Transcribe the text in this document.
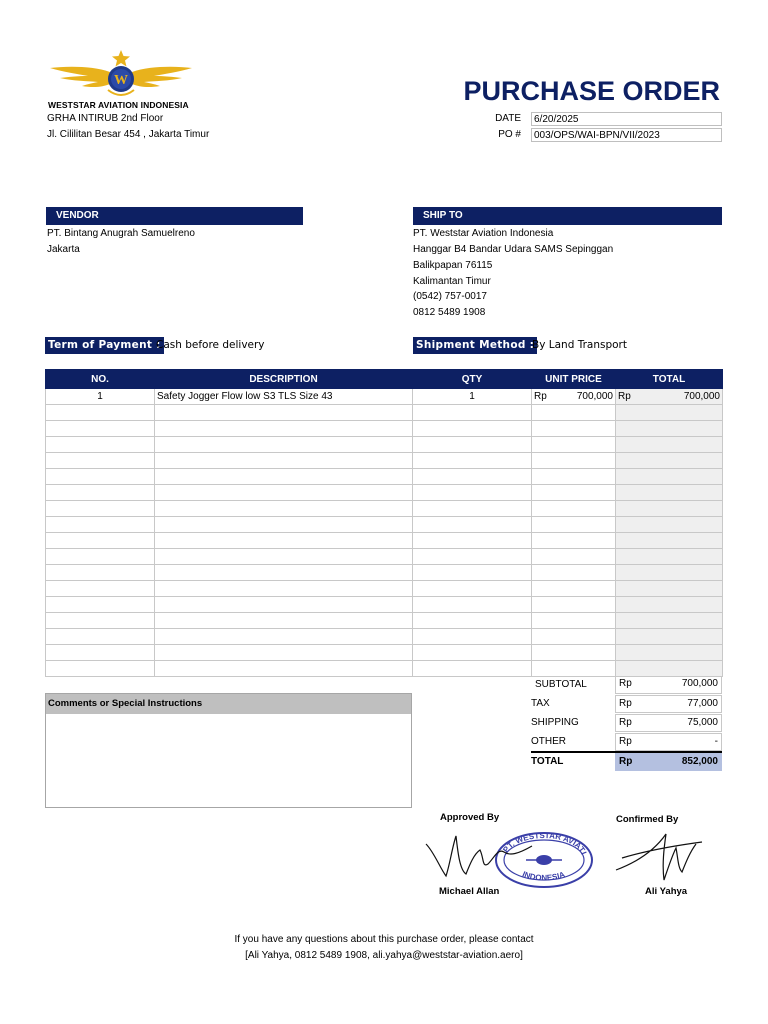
W
WESTSTAR AVIATION INDONESIA
GRHA INTIRUB 2nd Floor
Jl. Cililitan Besar 454 , Jakarta Timur
PURCHASE ORDER
DATE	6/20/2025
PO #	003/OPS/WAI-BPN/VII/2023
VENDOR
PT. Bintang Anugrah Samuelreno
Jakarta
SHIP TO
PT. Weststar Aviation Indonesia
Hanggar B4 Bandar Udara SAMS Sepinggan
Balikpapan 76115
Kalimantan Timur
(0542) 757-0017
0812 5489 1908
Term of Payment :
Cash before delivery	Shipment Method :
By Land Transport
NO.	DESCRIPTION	QTY	UNIT PRICE	TOTAL
1	Safety Jogger Flow low S3 TLS Size 43	1	Rp 700,000	Rp 700,000

SUBTOTAL	Rp	700,000
TAX	Rp	77,000
SHIPPING	Rp	75,000
OTHER	Rp	-
TOTAL	Rp	852,000
Comments or Special Instructions
Approved By
PT. WESTSTAR AVIATI
INDONESIA
Michael Allan
Confirmed By
Ali Yahya
If you have any questions about this purchase order, please contact
[Ali Yahya, 0812 5489 1908, ali.yahya@weststar-aviation.aero]
